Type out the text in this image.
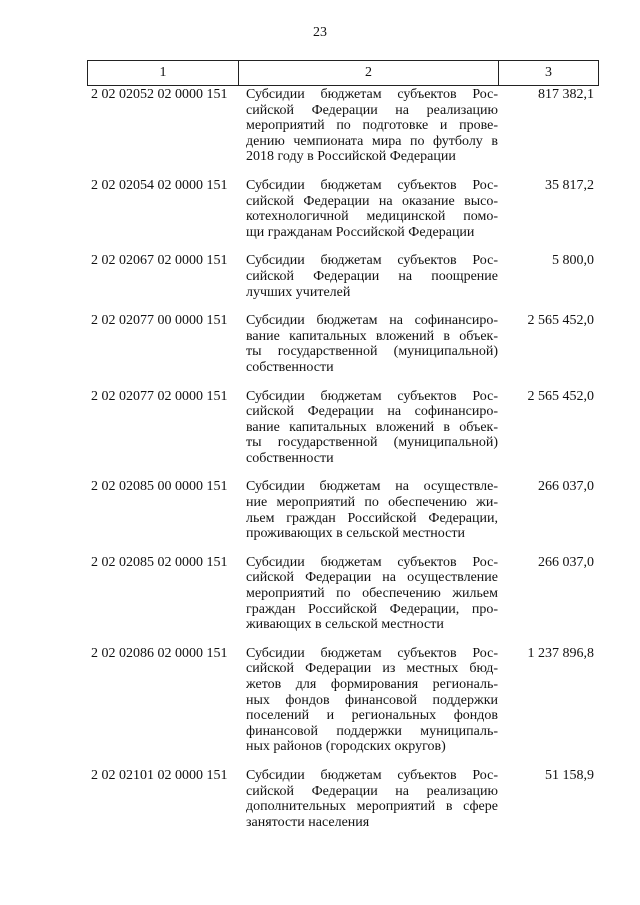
23
1	2	3
2 02 02052 02 0000 151	Субсидии бюджетам субъектов Рос-
сийской Федерации на реализацию
мероприятий по подготовке и прове-
дению чемпионата мира по футболу в
2018 году в Российской Федерации
817 382,1
2 02 02054 02 0000 151	Субсидии бюджетам субъектов Рос-
сийской Федерации на оказание высо-
котехнологичной медицинской помо-
щи гражданам Российской Федерации
35 817,2
2 02 02067 02 0000 151	Субсидии бюджетам субъектов Рос-
сийской Федерации на поощрение
лучших учителей
5 800,0
2 02 02077 00 0000 151	Субсидии бюджетам на софинансиро-
вание капитальных вложений в объек-
ты государственной (муниципальной)
собственности
2 565 452,0
2 02 02077 02 0000 151	Субсидии бюджетам субъектов Рос-
сийской Федерации на софинансиро-
вание капитальных вложений в объек-
ты государственной (муниципальной)
собственности
2 565 452,0
2 02 02085 00 0000 151	Субсидии бюджетам на осуществле-
ние мероприятий по обеспечению жи-
льем граждан Российской Федерации,
проживающих в сельской местности
266 037,0
2 02 02085 02 0000 151	Субсидии бюджетам субъектов Рос-
сийской Федерации на осуществление
мероприятий по обеспечению жильем
граждан Российской Федерации, про-
живающих в сельской местности
266 037,0
2 02 02086 02 0000 151	Субсидии бюджетам субъектов Рос-
сийской Федерации из местных бюд-
жетов для формирования региональ-
ных фондов финансовой поддержки
поселений и региональных фондов
финансовой поддержки муниципаль-
ных районов (городских округов)
1 237 896,8
2 02 02101 02 0000 151	Субсидии бюджетам субъектов Рос-
сийской Федерации на реализацию
дополнительных мероприятий в сфере
занятости населения
51 158,9
